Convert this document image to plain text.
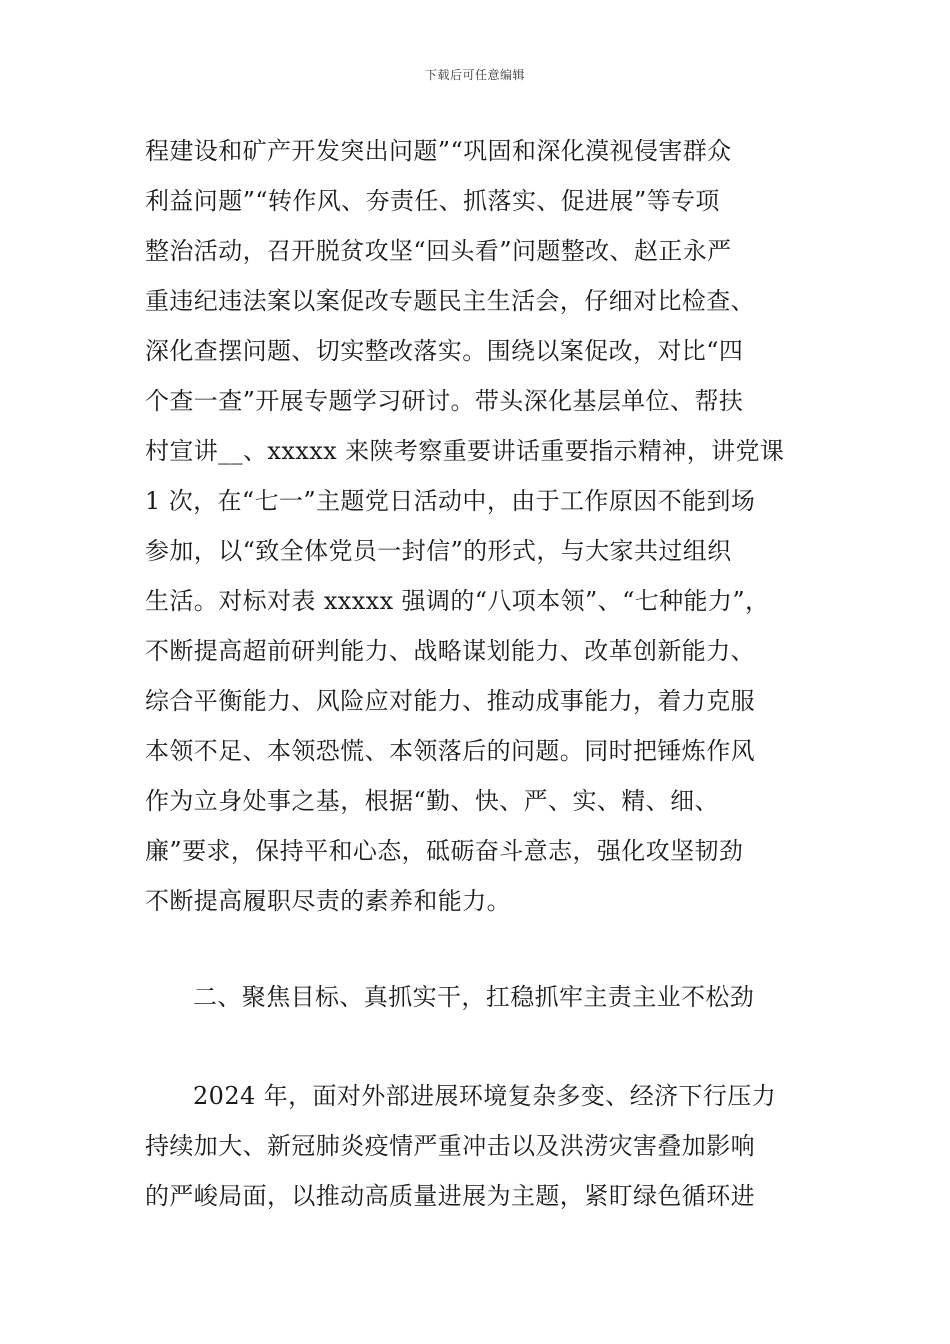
下载后可任意编辑
程建设和矿产开发突出问题”“巩固和深化漠视侵害群众
利益问题”“转作风、夯责任、抓落实、促进展”等专项
整治活动，召开脱贫攻坚“回头看”问题整改、赵正永严
重违纪违法案以案促改专题民主生活会，仔细对比检查、
深化查摆问题、切实整改落实。围绕以案促改，对比“四
个查一查”开展专题学习研讨。带头深化基层单位、帮扶
村宣讲__、xxxxx 来陕考察重要讲话重要指示精神，讲党课
1 次，在“七一”主题党日活动中，由于工作原因不能到场
参加，以“致全体党员一封信”的形式，与大家共过组织
生活。对标对表 xxxxx 强调的“八项本领”、“七种能力”，
不断提高超前研判能力、战略谋划能力、改革创新能力、
综合平衡能力、风险应对能力、推动成事能力，着力克服
本领不足、本领恐慌、本领落后的问题。同时把锤炼作风
作为立身处事之基，根据“勤、快、严、实、精、细、
廉”要求，保持平和心态，砥砺奋斗意志，强化攻坚韧劲
不断提高履职尽责的素养和能力。
二、聚焦目标、真抓实干，扛稳抓牢主责主业不松劲
2024 年，面对外部进展环境复杂多变、经济下行压力
持续加大、新冠肺炎疫情严重冲击以及洪涝灾害叠加影响
的严峻局面，以推动高质量进展为主题，紧盯绿色循环进
